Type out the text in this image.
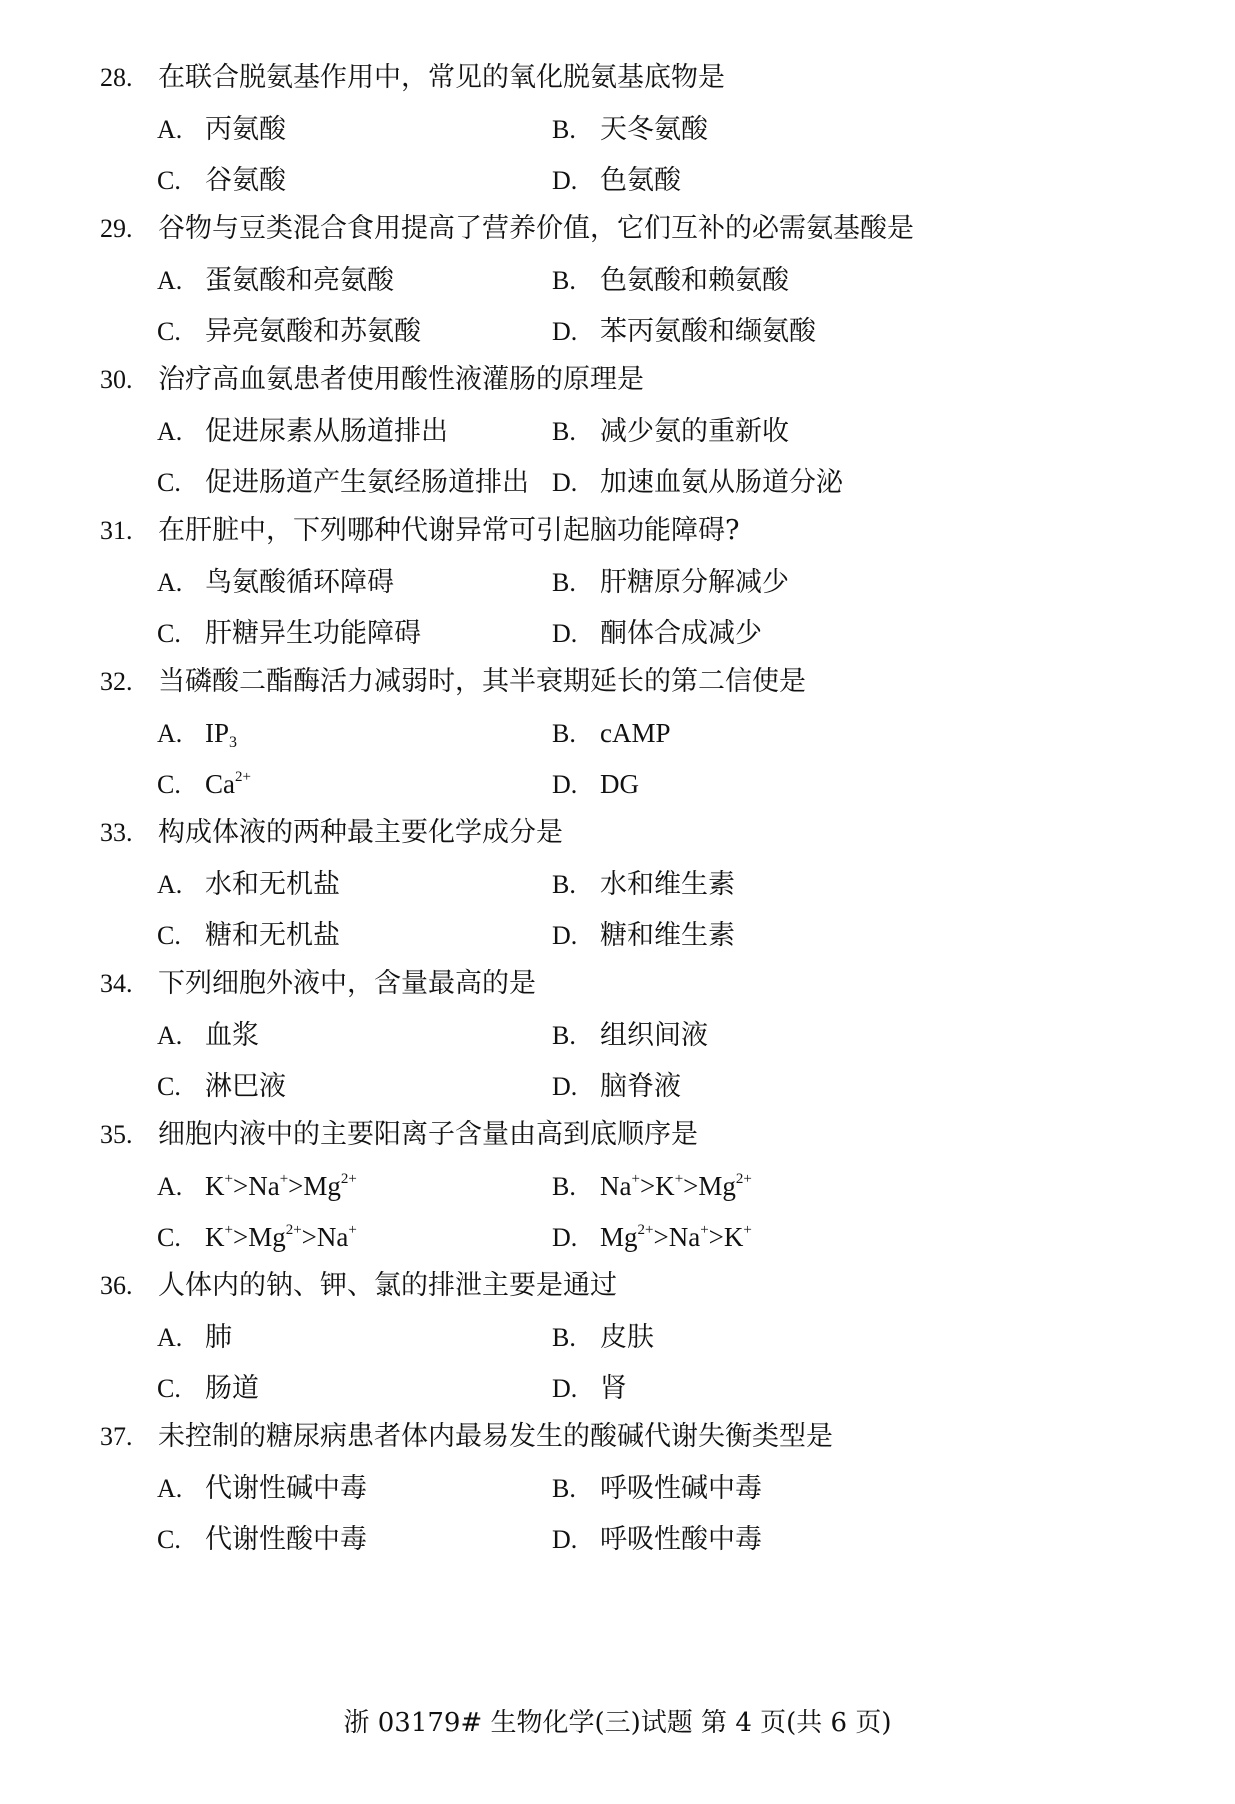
28. 在联合脱氨基作用中，常见的氧化脱氨基底物是
A. 丙氨酸	B. 天冬氨酸
C. 谷氨酸	D. 色氨酸
29. 谷物与豆类混合食用提高了营养价值，它们互补的必需氨基酸是
A. 蛋氨酸和亮氨酸	B. 色氨酸和赖氨酸
C. 异亮氨酸和苏氨酸	D. 苯丙氨酸和缬氨酸
30. 治疗高血氨患者使用酸性液灌肠的原理是
A. 促进尿素从肠道排出	B. 减少氨的重新收
C. 促进肠道产生氨经肠道排出 D. 加速血氨从肠道分泌
31. 在肝脏中，下列哪种代谢异常可引起脑功能障碍?
A. 鸟氨酸循环障碍	B. 肝糖原分解减少
C. 肝糖异生功能障碍	D. 酮体合成减少
32. 当磷酸二酯酶活力减弱时，其半衰期延长的第二信使是
A. $IP_3$	B. cAMP
C. $Ca^{2+}$	D. DG
33. 构成体液的两种最主要化学成分是
A. 水和无机盐	B. 水和维生素
C. 糖和无机盐	D. 糖和维生素
34. 下列细胞外液中，含量最高的是
A. 血浆	B. 组织间液
C. 淋巴液	D. 脑脊液
35. 细胞内液中的主要阳离子含量由高到底顺序是
A. $K^+>Na^+>Mg^{2+}$	B. $Na^+>K^+>Mg^{2+}$
C. $K^+>Mg^{2+}>Na^+$	D. $Mg^{2+}>Na^+>K^+$
36. 人体内的钠、钾、氯的排泄主要是通过
A. 肺	B. 皮肤
C. 肠道	D. 肾
37. 未控制的糖尿病患者体内最易发生的酸碱代谢失衡类型是
A. 代谢性碱中毒	B. 呼吸性碱中毒
C. 代谢性酸中毒	D. 呼吸性酸中毒
浙 03179# 生物化学(三)试题 第 4 页(共 6 页)
